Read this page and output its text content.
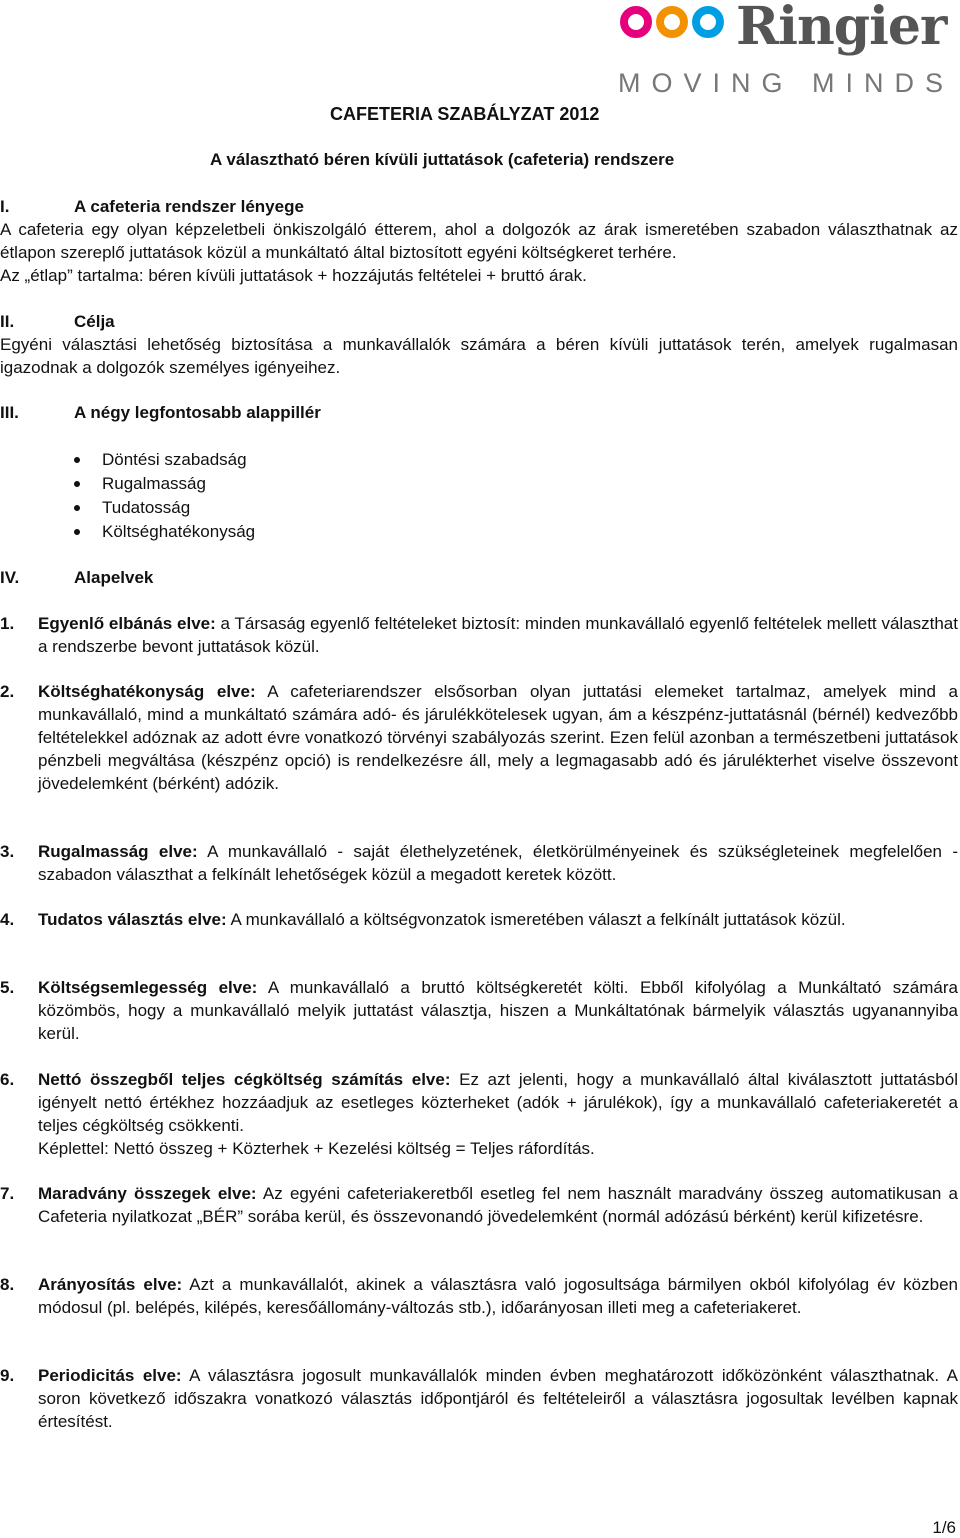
Ringier
MOVING MINDS
CAFETERIA SZABÁLYZAT 2012
A választható béren kívüli juttatások (cafeteria) rendszere
I.	A cafeteria rendszer lényege

A cafeteria egy olyan képzeletbeli önkiszolgáló étterem, ahol a dolgozók az árak ismeretében szabadon választhatnak az étlapon szereplő juttatások közül a munkáltató által biztosított egyéni költségkeret terhére.

Az „étlap” tartalma: béren kívüli juttatások + hozzájutás feltételei + bruttó árak.

II.	Célja

Egyéni választási lehetőség biztosítása a munkavállalók számára a béren kívüli juttatások terén, amelyek rugalmasan igazodnak a dolgozók személyes igényeihez.

III.	A négy legfontosabb alappillér
Döntési szabadság
Rugalmasság
Tudatosság
Költséghatékonyság
IV.	Alapelvek
1. Egyenlő elbánás elve: a Társaság egyenlő feltételeket biztosít: minden munkavállaló egyenlő feltételek mellett választhat a rendszerbe bevont juttatások közül.
2. Költséghatékonyság elve: A cafeteriarendszer elsősorban olyan juttatási elemeket tartalmaz, amelyek mind a munkavállaló, mind a munkáltató számára adó- és járulékkötelesek ugyan, ám a készpénz-juttatásnál (bérnél) kedvezőbb feltételekkel adóznak az adott évre vonatkozó törvényi szabályozás szerint. Ezen felül azonban a természetbeni juttatások pénzbeli megváltása (készpénz opció) is rendelkezésre áll, mely a legmagasabb adó és járulékterhet viselve összevont jövedelemként (bérként) adózik.
3. Rugalmasság elve: A munkavállaló - saját élethelyzetének, életkörülményeinek és szükségleteinek megfelelően - szabadon választhat a felkínált lehetőségek közül a megadott keretek között.
4. Tudatos választás elve: A munkavállaló a költségvonzatok ismeretében választ a felkínált juttatások közül.
5. Költségsemlegesség elve: A munkavállaló a bruttó költségkeretét költi. Ebből kifolyólag a Munkáltató számára közömbös, hogy a munkavállaló melyik juttatást választja, hiszen a Munkáltatónak bármelyik választás ugyanannyiba kerül.
6. Nettó összegből teljes cégköltség számítás elve: Ez azt jelenti, hogy a munkavállaló által kiválasztott juttatásból igényelt nettó értékhez hozzáadjuk az esetleges közterheket (adók + járulékok), így a munkavállaló cafeteriakeretét a teljes cégköltség csökkenti.
Képlettel: Nettó összeg + Közterhek + Kezelési költség = Teljes ráfordítás.
7. Maradvány összegek elve: Az egyéni cafeteriakeretből esetleg fel nem használt maradvány összeg automatikusan a Cafeteria nyilatkozat „BÉR” sorába kerül, és összevonandó jövedelemként (normál adózású bérként) kerül kifizetésre.
8. Arányosítás elve: Azt a munkavállalót, akinek a választásra való jogosultsága bármilyen okból kifolyólag év közben módosul (pl. belépés, kilépés, keresőállomány-változás stb.), időarányosan illeti meg a cafeteriakeret.
9. Periodicitás elve: A választásra jogosult munkavállalók minden évben meghatározott időközönként választhatnak. A soron következő időszakra vonatkozó választás időpontjáról és feltételeiről a választásra jogosultak levélben kapnak értesítést.
1/6
